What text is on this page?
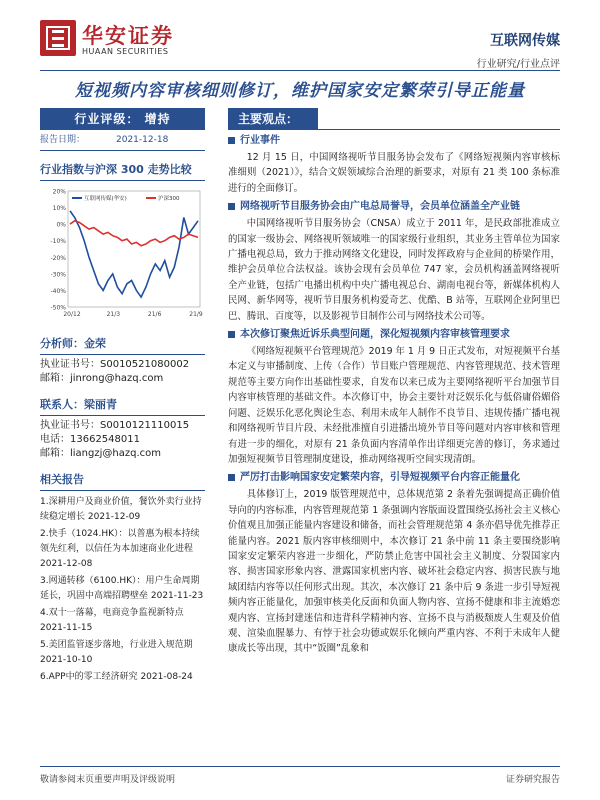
华安证券
HUAAN SECURITIES
互联网传媒
行业研究/行业点评
短视频内容审核细则修订，维护国家安定繁荣引导正能量
行业评级： 增持
报告日期：	2021-12-18
行业指数与沪深 300 走势比较
20%
10%
0%
-10%
-20%
-30%
-40%
-50%
20/12	21/3	21/6	21/9
互联网传媒(华安)	沪深300
分析师：金荣
执业证书号：S0010521080002
邮箱：jinrong@hazq.com
联系人：梁丽青
执业证书号：S0010121110015
电话：13662548011
邮箱：liangzj@hazq.com
相关报告
1.深耕用户及商业价值，餐饮外卖行业持续稳定增长 2021-12-09
2.快手（1024.HK）：以普惠为根本持续领先红利，以信任为本加速商业化进程 2021-12-08
3.网通转移（6100.HK）：用户生命周期延长，巩固中高端招聘壁垒 2021-11-23
4.双十一落幕，电商竞争监视新特点 2021-11-15
5.美团监管逐步落地，行业进入规范期 2021-10-10
6.APP中的零工经济研究 2021-08-24
主要观点：
行业事件

12 月 15 日，中国网络视听节目服务协会发布了《网络短视频内容审核标准细则（2021）》，结合文娱领域综合治理的新要求，对原有 21 类 100 条标准进行的全面修订。

网络视听节目服务协会由广电总局誉导，会员单位涵盖全产业链

中国网络视听节目服务协会（CNSA）成立于 2011 年，是民政部批准成立的国家一级协会、网络视听领域唯一的国家级行业组织，其业务主管单位为国家广播电视总局，致力于推动网络文化建设，同时发挥政府与企业间的桥梁作用，维护会员单位合法权益。该协会现有会员单位 747 家，会员机构涵盖网络视听全产业链，包括广电播出机构中央广播电视总台、湖南电视台等，新媒体机构人民网、新华网等，视听节目服务机构爱奇艺、优酷、B 站等，互联网企业阿里巴巴、腾讯、百度等，以及影视节目制作公司与网络技术公司等。

本次修订聚焦近诉乐典型问题，深化短视频内容审核管理要求

《网络短视频平台管理规范》2019 年 1 月 9 日正式发布，对短视频平台基本定义与审播制度、上传（合作）节目账户管理规范、内容管理规范、技术管理规范等主要方向作出基础性要求，自发布以来已成为主要网络视听平台加强节目内容审核管理的基础文件。本次修订中，协会主要针对泛娱乐化与低俗庸俗媚俗问题、泛娱乐化恶化舆论生态、利用未成年人制作不良节目、违规传播广播电视和网络视听节目片段、未经批准擅自引进播出境外节目等问题对内容审核和管理有进一步的细化，对原有 21 条负面内容清单作出详细更完善的修订，务求通过加强短视频节目管理制度建设，推动网络视听空间实现清朗。

严厉打击影响国家安定繁荣内容，引导短视频平台内容正能量化

具体修订上，2019 版管理规范中，总体规范第 2 条着先强调提高正确价值导向的内容标准，内容管理规范第 1 条强调内容版面设置围绕弘扬社会主义核心价值观且加强正能量内容建设和储备，而社会管理规范第 4 条亦倡导优先推荐正能量内容。2021 版内容审核细则中，本次修订 21 条中前 11 条主要围绕影响国家安定繁荣内容进一步细化，严防禁止危害中国社会主义制度、分裂国家内容、损害国家形象内容、泄露国家机密内容、破坏社会稳定内容、损害民族与地域团结内容等以任何形式出现。其次，本次修订 21 条中后 9 条进一步引导短视频内容正能量化，加强审核美化反面和负面人物内容、宣扬不健康和非主流婚恋观内容、宣扬封建迷信和违背科学精神内容、宣扬不良与消极颓废人生观及价值观、渲染血腥暴力、有悖于社会功德或娱乐化倾向严重内容、不利于未成年人健康成长等出现，其中“饭圈”乱象和

敬请参阅末页重要声明及评级说明	证券研究报告
